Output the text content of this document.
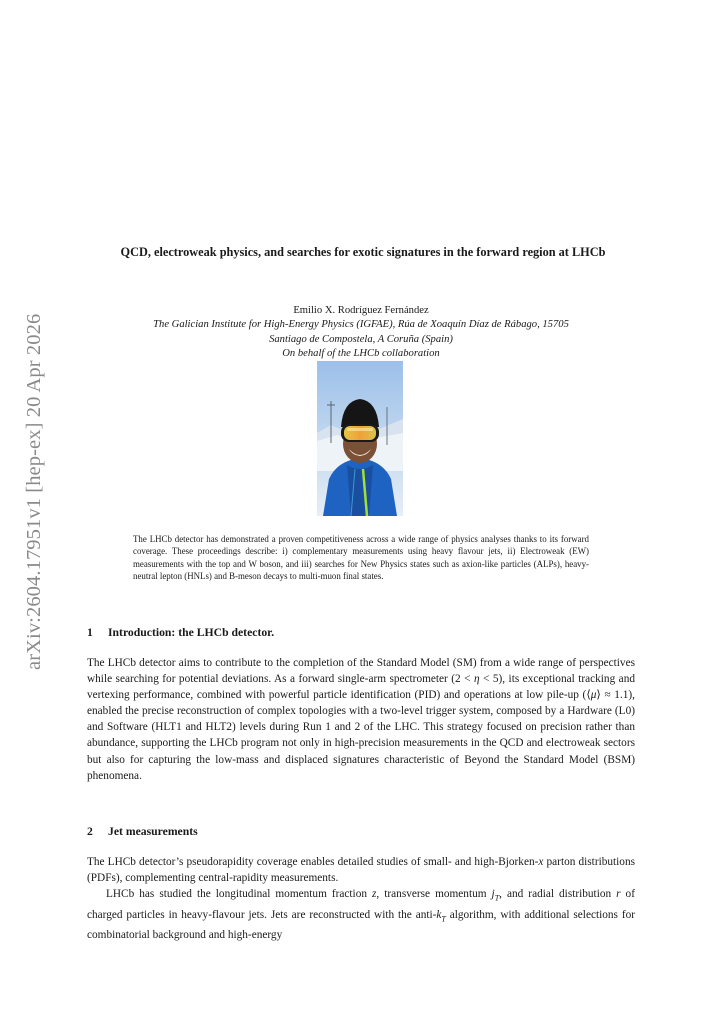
arXiv:2604.17951v1 [hep-ex] 20 Apr 2026
QCD, electroweak physics, and searches for exotic signatures in the forward region at LHCb
Emilio X. Rodríguez Fernández
The Galician Institute for High-Energy Physics (IGFAE), Rúa de Xoaquín Díaz de Rábago, 15705
Santiago de Compostela, A Coruña (Spain)
On behalf of the LHCb collaboration
The LHCb detector has demonstrated a proven competitiveness across a wide range of physics analyses thanks to its forward coverage. These proceedings describe: i) complementary measurements using heavy flavour jets, ii) Electroweak (EW) measurements with the top and W boson, and iii) searches for New Physics states such as axion-like particles (ALPs), heavy-neutral lepton (HNLs) and B-meson decays to multi-muon final states.
1 Introduction: the LHCb detector.

The LHCb detector aims to contribute to the completion of the Standard Model (SM) from a wide range of perspectives while searching for potential deviations. As a forward single-arm spectrometer (2 < η < 5), its exceptional tracking and vertexing performance, combined with powerful particle identification (PID) and operations at low pile-up (⟨μ⟩ ≈ 1.1), enabled the precise reconstruction of complex topologies with a two-level trigger system, composed by a Hardware (L0) and Software (HLT1 and HLT2) levels during Run 1 and 2 of the LHC. This strategy focused on precision rather than abundance, supporting the LHCb program not only in high-precision measurements in the QCD and electroweak sectors but also for capturing the low-mass and displaced signatures characteristic of Beyond the Standard Model (BSM) phenomena.

2 Jet measurements

The LHCb detector’s pseudorapidity coverage enables detailed studies of small- and high-Bjorken-x parton distributions (PDFs), complementing central-rapidity measurements.

LHCb has studied the longitudinal momentum fraction z, transverse momentum $j_T$, and radial distribution r of charged particles in heavy-flavour jets. Jets are reconstructed with the anti-$k_T$ algorithm, with additional selections for combinatorial background and high-energy
